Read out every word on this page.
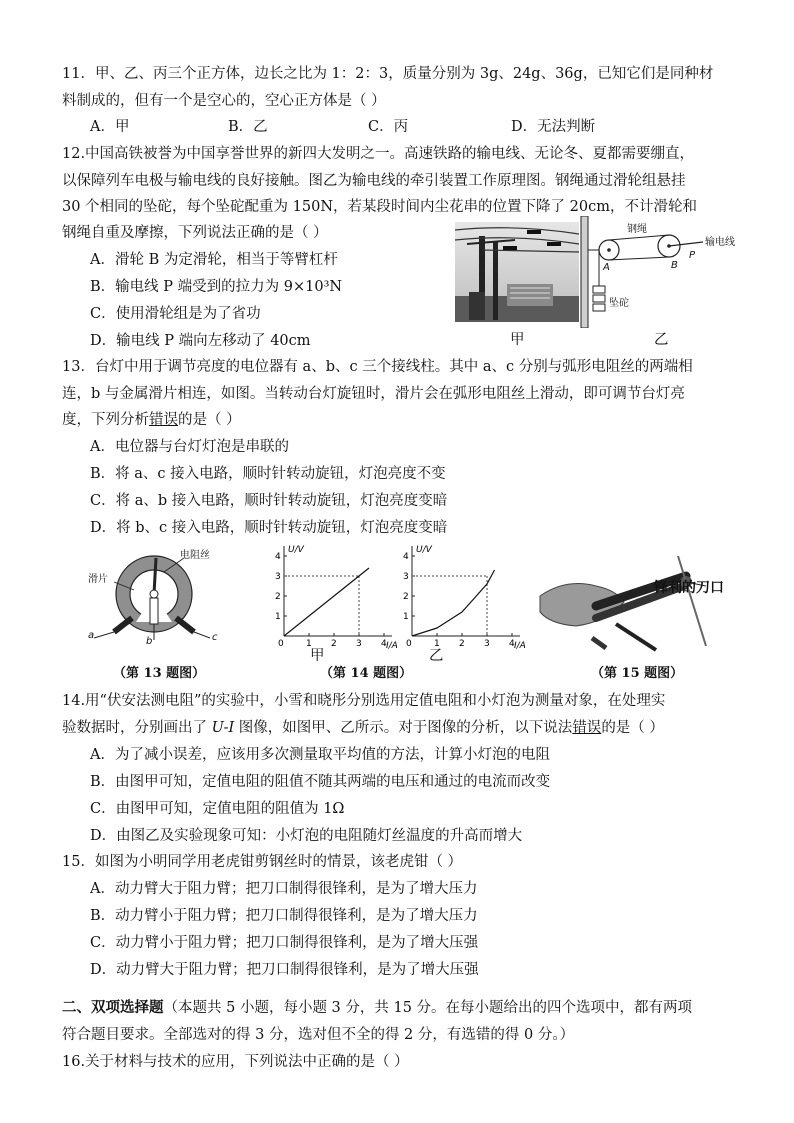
11．甲、乙、丙三个正方体，边长之比为 1：2：3，质量分别为 3g、24g、36g，已知它们是同种材
料制成的，但有一个是空心的，空心正方体是（ ）
A．甲	B．乙	C．丙	D．无法判断
12.中国高铁被誉为中国享誉世界的新四大发明之一。高速铁路的输电线、无论冬、夏都需要绷直，
以保障列车电极与输电线的良好接触。图乙为输电线的牵引装置工作原理图。钢绳通过滑轮组悬挂
30 个相同的坠砣，每个坠砣配重为 150N，若某段时间内尘花串的位置下降了 20cm，不计滑轮和
钢绳自重及摩擦，下列说法正确的是（ ）
A．滑轮 B 为定滑轮，相当于等臂杠杆
B．输电线 P 端受到的拉力为 9×10³N
C．使用滑轮组是为了省功
D．输电线 P 端向左移动了 40cm	甲
钢绳
输电线
A	B
P
坠砣
乙
13．台灯中用于调节亮度的电位器有 a、b、c 三个接线柱。其中 a、c 分别与弧形电阻丝的两端相
连，b 与金属滑片相连，如图。当转动台灯旋钮时，滑片会在弧形电阻丝上滑动，即可调节台灯亮
度，下列分析错误的是（ ）
A．电位器与台灯灯泡是串联的
B．将 a、c 接入电路，顺时针转动旋钮，灯泡亮度不变
C．将 a、b 接入电路，顺时针转动旋钮，灯泡亮度变暗
D．将 b、c 接入电路，顺时针转动旋钮，灯泡亮度变暗
电阻丝
滑片
a
b	c
（第 13 题图）
U/V
I/A
0 1 2 3 4
1
2
3
4
U/V
I/A
0 1 2 3 4
1
2
3
4
甲	乙
（第 14 题图）
锋利的刀口
（第 15 题图）
14.用“伏安法测电阻”的实验中，小雪和晓彤分别选用定值电阻和小灯泡为测量对象，在处理实
验数据时，分别画出了 U-I 图像，如图甲、乙所示。对于图像的分析，以下说法错误的是（ ）
A．为了减小误差，应该用多次测量取平均值的方法，计算小灯泡的电阻
B．由图甲可知，定值电阻的阻值不随其两端的电压和通过的电流而改变
C．由图甲可知，定值电阻的阻值为 1Ω
D．由图乙及实验现象可知：小灯泡的电阻随灯丝温度的升高而增大
15．如图为小明同学用老虎钳剪钢丝时的情景，该老虎钳（ ）
A．动力臂大于阻力臂；把刀口制得很锋利，是为了增大压力
B．动力臂小于阻力臂；把刀口制得很锋利，是为了增大压力
C．动力臂小于阻力臂；把刀口制得很锋利，是为了增大压强
D．动力臂大于阻力臂；把刀口制得很锋利，是为了增大压强
二、双项选择题（本题共 5 小题，每小题 3 分，共 15 分。在每小题给出的四个选项中，都有两项
符合题目要求。全部选对的得 3 分，选对但不全的得 2 分，有选错的得 0 分。）
16.关于材料与技术的应用，下列说法中正确的是（ ）
